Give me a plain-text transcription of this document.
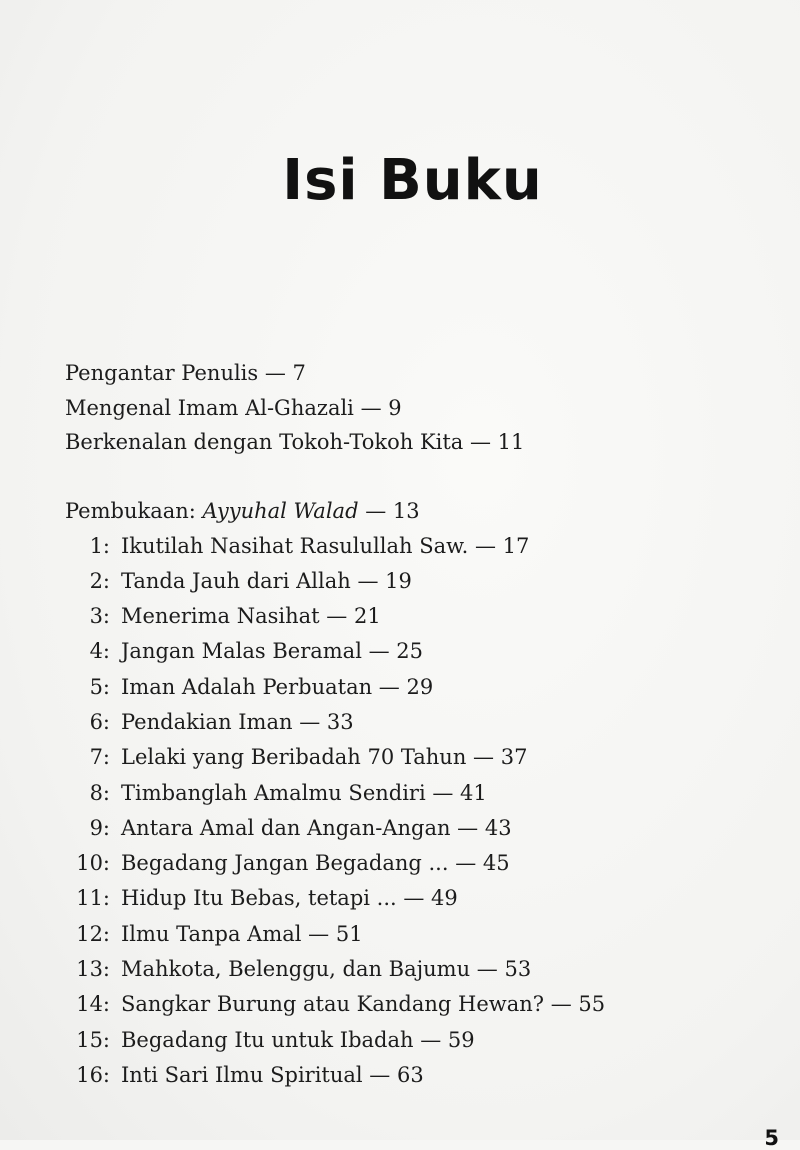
Isi Buku
Pengantar Penulis — 7
Mengenal Imam Al-Ghazali — 9
Berkenalan dengan Tokoh-Tokoh Kita — 11
Pembukaan: Ayyuhal Walad — 13
1: Ikutilah Nasihat Rasulullah Saw. — 17
2: Tanda Jauh dari Allah — 19
3: Menerima Nasihat — 21
4: Jangan Malas Beramal — 25
5: Iman Adalah Perbuatan — 29
6: Pendakian Iman — 33
7: Lelaki yang Beribadah 70 Tahun — 37
8: Timbanglah Amalmu Sendiri — 41
9: Antara Amal dan Angan-Angan — 43
10: Begadang Jangan Begadang ... — 45
11: Hidup Itu Bebas, tetapi ... — 49
12: Ilmu Tanpa Amal — 51
13: Mahkota, Belenggu, dan Bajumu — 53
14: Sangkar Burung atau Kandang Hewan? — 55
15: Begadang Itu untuk Ibadah — 59
16: Inti Sari Ilmu Spiritual — 63
5
